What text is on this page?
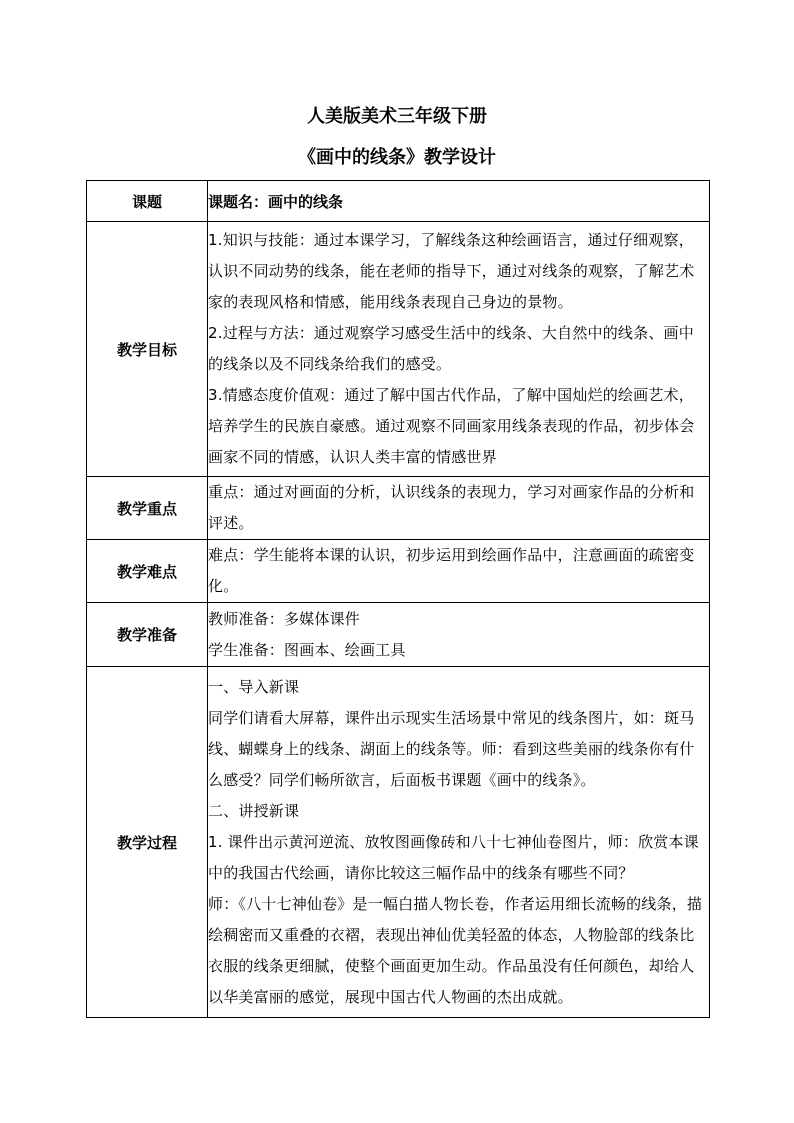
人美版美术三年级下册
《画中的线条》教学设计
课题	课题名：画中的线条
教学目标	1.知识与技能：通过本课学习，了解线条这种绘画语言，通过仔细观察，认识不同动势的线条，能在老师的指导下，通过对线条的观察，了解艺术家的表现风格和情感，能用线条表现自己身边的景物。

2.过程与方法：通过观察学习感受生活中的线条、大自然中的线条、画中的线条以及不同线条给我们的感受。

3.情感态度价值观：通过了解中国古代作品，了解中国灿烂的绘画艺术，培养学生的民族自豪感。通过观察不同画家用线条表现的作品，初步体会画家不同的情感，认识人类丰富的情感世界

教学重点	重点：通过对画面的分析，认识线条的表现力，学习对画家作品的分析和评述。

教学难点	难点：学生能将本课的认识，初步运用到绘画作品中，注意画面的疏密变化。

教学准备	教师准备：多媒体课件

学生准备：图画本、绘画工具

教学过程	一、导入新课

同学们请看大屏幕，课件出示现实生活场景中常见的线条图片，如：斑马线、蝴蝶身上的线条、湖面上的线条等。师：看到这些美丽的线条你有什么感受？同学们畅所欲言，后面板书课题《画中的线条》。

二、讲授新课

1. 课件出示黄河逆流、放牧图画像砖和八十七神仙卷图片，师：欣赏本课中的我国古代绘画，请你比较这三幅作品中的线条有哪些不同？

师：《八十七神仙卷》是一幅白描人物长卷，作者运用细长流畅的线条，描绘稠密而又重叠的衣褶，表现出神仙优美轻盈的体态，人物脸部的线条比衣服的线条更细腻，使整个画面更加生动。作品虽没有任何颜色，却给人以华美富丽的感觉，展现中国古代人物画的杰出成就。
